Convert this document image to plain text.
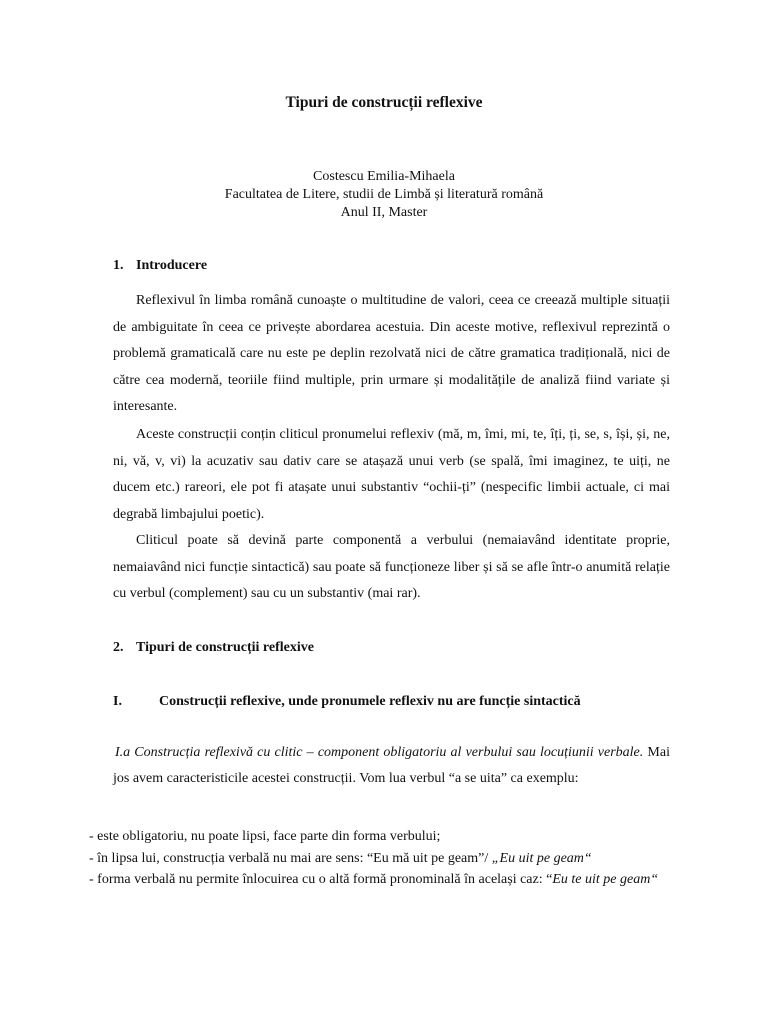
Tipuri de construcții reflexive
Costescu Emilia-Mihaela
Facultatea de Litere, studii de Limbă și literatură română
Anul II, Master
1. Introducere

Reflexivul în limba română cunoaște o multitudine de valori, ceea ce creează multiple situații de ambiguitate în ceea ce privește abordarea acestuia. Din aceste motive, reflexivul reprezintă o problemă gramaticală care nu este pe deplin rezolvată nici de către gramatica tradițională, nici de către cea modernă, teoriile fiind multiple, prin urmare și modalitățile de analiză fiind variate și interesante.

Aceste construcții conțin cliticul pronumelui reflexiv (mă, m, îmi, mi, te, îți, ți, se, s, își, și, ne, ni, vă, v, vi) la acuzativ sau dativ care se atașază unui verb (se spală, îmi imaginez, te uiți, ne ducem etc.) rareori, ele pot fi atașate unui substantiv “ochii-ți” (nespecific limbii actuale, ci mai degrabă limbajului poetic).

Cliticul poate să devină parte componentă a verbului (nemaiavând identitate proprie, nemaiavând nici funcție sintactică) sau poate să funcționeze liber și să se afle într-o anumită relație cu verbul (complement) sau cu un substantiv (mai rar).

2. Tipuri de construcții reflexive
I.	Construcții reflexive, unde pronumele reflexiv nu are funcție sintactică

I.a Construcția reflexivă cu clitic – component obligatoriu al verbului sau locuțiunii verbale. Mai jos avem caracteristicile acestei construcții. Vom lua verbul “a se uita” ca exemplu:

- este obligatoriu, nu poate lipsi, face parte din forma verbului;
- în lipsa lui, construcția verbală nu mai are sens: “Eu mă uit pe geam”/ „Eu uit pe geam“
- forma verbală nu permite înlocuirea cu o altă formă pronominală în același caz: “Eu te uit pe geam“
